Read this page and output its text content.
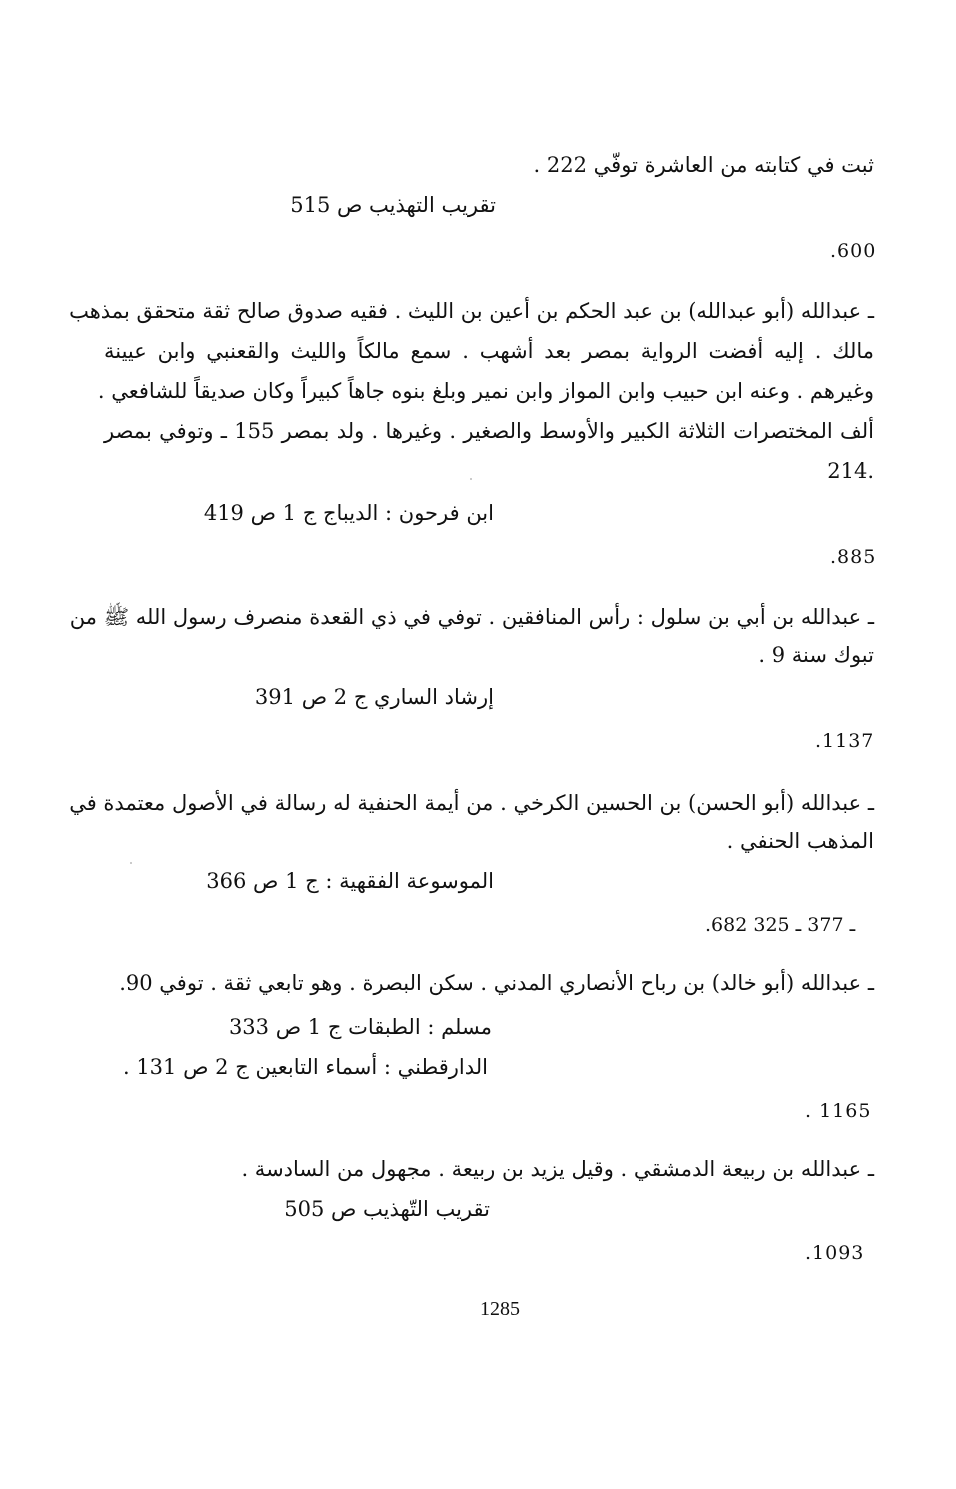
ثبت في كتابته من العاشرة توفّي 222 .
تقريب التهذيب ص 515
.600
ـ عبدالله (أبو عبدالله) بن عبد الحكم بن أعين بن الليث . فقيه صدوق صالح ثقة متحقق بمذهب
مالك . إليه أفضت الرواية بمصر بعد أشهب . سمع مالكاً والليث والقعنبي وابن عيينة
وغيرهم . وعنه ابن حبيب وابن المواز وابن نمير وبلغ بنوه جاهاً كبيراً وكان صديقاً للشافعي .
ألف المختصرات الثلاثة الكبير والأوسط والصغير . وغيرها . ولد بمصر 155 ـ وتوفي بمصر
.214
ابن فرحون : الديباج ج 1 ص 419
.885
ـ عبدالله بن أبي بن سلول : رأس المنافقين . توفي في ذي القعدة منصرف رسول الله ﷺ من
تبوك سنة 9 .
إرشاد الساري ج 2 ص 391
.1137
ـ عبدالله (أبو الحسن) بن الحسين الكرخي . من أيمة الحنفية له رسالة في الأصول معتمدة في
المذهب الحنفي .
الموسوعة الفقهية : ج 1 ص 366
.682 ـ 377 ـ 325
ـ عبدالله (أبو خالد) بن رباح الأنصاري المدني . سكن البصرة . وهو تابعي ثقة . توفي 90.
مسلم : الطبقات ج 1 ص 333
الدارقطني : أسماء التابعين ج 2 ص 131 .
. 1165
ـ عبدالله بن ربيعة الدمشقي . وقيل يزيد بن ربيعة . مجهول من السادسة .
تقريب التّهذيب ص 505
.1093
1285
